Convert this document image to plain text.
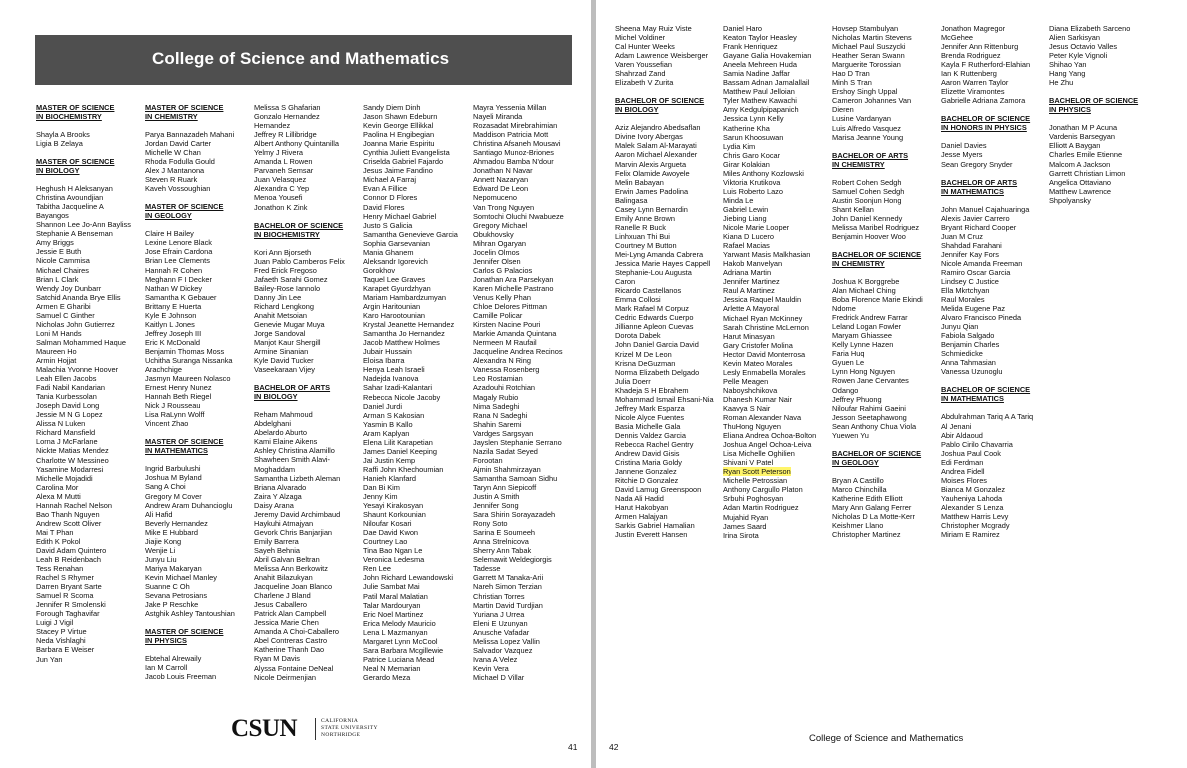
College of Science and Mathematics
MASTER OF SCIENCE
IN BIOCHEMISTRY
Shayla A Brooks
Ligia B Zelaya
MASTER OF SCIENCE
IN BIOLOGY
Heghush H Aleksanyan
Christina Avoundjian
Tabitha Jacqueline A
Bayangos
Shannon Lee Jo-Ann Bayliss
Stephanie A Benseman
Amy Briggs
Jessie E Buth
Nicole Cammisa
Michael Chaires
Brian L Clark
Wendy Joy Dunbarr
Satchid Ananda Brye Ellis
Armen E Gharibi
Samuel C Ginther
Nicholas John Gutierrez
Loni M Hands
Salman Mohammed Haque
Maureen Ho
Armin Hojjat
Malachia Yvonne Hoover
Leah Ellen Jacobs
Fadi Nabil Kandarian
Tania Kurbessolan
Joseph David Long
Jessie M N G Lopez
Alissa N Luken
Richard Mansfield
Lorna J McFarlane
Nickte Matias Mendez
Charlotte W Messineo
Yasamine Modarresi
Michelle Mojadidi
Carolina Mor
Alexa M Mutti
Hannah Rachel Nelson
Bao Thanh Nguyen
Andrew Scott Oliver
Mai T Phan
Edith K Pokol
David Adam Quintero
Leah B Reidenbach
Tess Renahan
Rachel S Rhymer
Darren Bryant Sarte
Samuel R Scoma
Jennifer R Smolenski
Forough Taghavifar
Luigi J Vigil
Stacey P Virtue
Neda Vishlaghi
Barbara E Weiser
Jun Yan
MASTER OF SCIENCE
IN CHEMISTRY
Parya Bannazadeh Mahani
Jordan David Carter
Michelle W Chan
Rhoda Fodulla Gould
Alex J Mantanona
Steven R Ruark
Kaveh Vossoughian
MASTER OF SCIENCE
IN GEOLOGY
Claire H Bailey
Lexine Lenore Black
Jose Efrain Cardona
Brian Lee Clements
Hannah R Cohen
Meghann F I Decker
Nathan W Dickey
Samantha K Gebauer
Brittany E Huerta
Kyle E Johnson
Kaitlyn L Jones
Jeffrey Joseph III
Eric K McDonald
Benjamin Thomas Moss
Uchitha Suranga Nissanka
Arachchige
Jasmyn Maureen Nolasco
Ernest Henry Nunez
Hannah Beth Riegel
Nick J Rousseau
Lisa RaLynn Wolff
Vincent Zhao
MASTER OF SCIENCE
IN MATHEMATICS
Ingrid Barbulushi
Joshua M Byland
Sang A Choi
Gregory M Cover
Andrew Aram Duhancioglu
Ali Hafid
Beverly Hernandez
Mike E Hubbard
Jiajie Kong
Wenjie Li
Junyu Liu
Mariya Makaryan
Kevin Michael Manley
Suanne C Oh
Sevana Petrosians
Jake P Reschke
Astghik Ashley Tantoushian
MASTER OF SCIENCE
IN PHYSICS
Ebtehal Alrewaily
Ian M Carroll
Jacob Louis Freeman
Melissa S Ghafarian
Gonzalo Hernandez
Hernandez
Jeffrey R Lillibridge
Albert Anthony Quintanilla
Yelmy J Rivera
Amanda L Rowen
Parvaneh Semsar
Juan Velasquez
Alexandra C Yep
Menoa Yousefi
Jonathon K Zink
BACHELOR OF SCIENCE
IN BIOCHEMISTRY
Kori Ann Bjorseth
Juan Pablo Camberos Felix
Fred Erick Fregoso
Jafaeth Sarahi Gomez
Bailey-Rose Iannolo
Danny Jin Lee
Richard Lengkong
Anahit Metsoian
Genevie Mugar Muya
Jorge Sandoval
Manjot Kaur Shergill
Armine Sinanian
Kyle David Tucker
Vaseekaraan Vijey
BACHELOR OF ARTS
IN BIOLOGY
Reham Mahmoud
Abdelghani
Abelardo Aburto
Kami Elaine Aikens
Ashley Christina Alamillo
Shawheen Smith Alavi-
Moghaddam
Samantha Lizbeth Aleman
Briana Alvarado
Zaira Y Alzaga
Daisy Arana
Jeremy David Archimbaud
Haykuhi Atmajyan
Gevork Chris Banjarjian
Emily Barrera
Sayeh Behnia
Abril Galvan Beltran
Melissa Ann Berkowitz
Anahit Bilazukyan
Jacqueline Joan Blanco
Charlene J Bland
Jesus Caballero
Patrick Alan Campbell
Jessica Marie Chen
Amanda A Choi-Caballero
Abel Contreras Castro
Katherine Thanh Dao
Ryan M Davis
Alyssa Fontaine DeNeal
Nicole Deirmenjian
Sandy Diem Dinh
Jason Shawn Edeburn
Kevin George Ellikkal
Paolina H Engibegian
Joanna Marie Espiritu
Cynthia Juliett Evangelista
Criselda Gabriel Fajardo
Jesus Jaime Fandino
Michael A Farraj
Evan A Fillice
Connor D Flores
David Flores
Henry Michael Gabriel
Justo S Galicia
Samantha Genevieve Garcia
Sophia Garsevanian
Mania Ghanem
Aleksandr Igorevich
Gorokhov
Taquel Lee Graves
Karapet Gyurdzhyan
Mariam Hambardzumyan
Argin Haritounian
Karo Harootounian
Krystal Jeanette Hernandez
Samantha Jo Hernandez
Jacob Matthew Holmes
Jubair Hussain
Eloisa Ibarra
Henya Leah Israeli
Nadejda Ivanova
Sahar Izadi-Kalantari
Rebecca Nicole Jacoby
Daniel Jurdi
Arman S Kakosian
Yasmin B Kallo
Aram Kaplyan
Elena Lilit Karapetian
James Daniel Keeping
Jai Justin Kemp
Raffi John Khechoumian
Hanieh Klanfard
Dan Bi Kim
Jenny Kim
Yesayi Kirakosyan
Shaunt Korkounian
Niloufar Kosari
Dae David Kwon
Courtney Lao
Tina Bao Ngan Le
Veronica Ledesma
Ren Lee
John Richard Lewandowski
Julie Sambat Mai
Patil Maral Malatian
Talar Mardouryan
Eric Noel Martinez
Erica Melody Mauricio
Lena L Mazmanyan
Margaret Lynn McCool
Sara Barbara Mcgillewie
Patrice Luciana Mead
Neal N Memarian
Gerardo Meza
Mayra Yessenia Millan
Nayeli Miranda
Rozasadat Mirebrahimian
Maddison Patricia Mott
Christina Afsaneh Mousavi
Santiago Munoz-Briones
Ahmadou Bamba N'dour
Jonathan N Navar
Annett Nazaryan
Edward De Leon
Nepomuceno
Van Trong Nguyen
Somtochi Oluchi Nwabueze
Gregory Michael
Obukhovsky
Mihran Ogaryan
Jocelin Olmos
Jennifer Olsen
Carlos G Palacios
Jonathan Ara Parsekyan
Karen Michelle Pastrano
Venus Kelly Phan
Chloe Delores Pittman
Camille Policar
Kirsten Nacine Pouri
Markie Amanda Quintana
Nermeen M Raufail
Jacqueline Andrea Recinos
Alexandra N Ring
Vanessa Rosenberg
Leo Rostamian
Azadouhi Rotchian
Magaly Rubio
Nima Sadeghi
Rana N Sadeghi
Shahin Saremi
Vardges Sargsyan
Jayslen Stephanie Serrano
Nazila Sadat Seyed
Forootan
Ajmin Shahmirzayan
Samantha Samoan Sidhu
Taryn Ann Siepicoff
Justin A Smith
Jennifer Song
Sara Shirin Sorayazadeh
Rony Soto
Sarina E Soumeeh
Anna Strelnicova
Sherry Ann Tabak
Selemawit Weldegiorgis
Tadesse
Garrett M Tanaka-Arii
Nareh Simon Terzian
Christian Torres
Martin David Turdjian
Yuriana J Urrea
Eleni E Uzunyan
Anusche Vafadar
Melissa Lopez Vallin
Salvador Vazquez
Ivana A Velez
Kevin Vera
Michael D Villar
CSUN	CALIFORNIA
STATE UNIVERSITY
NORTHRIDGE
41
Sheena May Ruiz Viste
Michel Voldiner
Cal Hunter Weeks
Adam Lawrence Weisberger
Varen Youssefian
Shahrzad Zand
Elizabeth V Zurita
BACHELOR OF SCIENCE
IN BIOLOGY
Aziz Alejandro Abedsaflan
Divine Ivory Abergas
Malek Salam Al-Marayati
Aaron Michael Alexander
Marvin Alexis Argueta
Felix Olamide Awoyele
Melin Babayan
Erwin James Padolina
Balingasa
Casey Lynn Bernardin
Emily Anne Brown
Ranelle R Buck
Linhxuan Thi Bui
Courtney M Button
Mei-Lyng Amanda Cabrera
Jessica Marie Hayes Cappell
Stephanie-Lou Augusta
Caron
Ricardo Castellanos
Emma Collosi
Mark Rafael M Corpuz
Cedric Edwards Cuerpo
Jillianne Apleon Cuevas
Dorota Dabek
John Daniel Garcia David
Krizel M De Leon
Krisna DeGuzman
Norma Elizabeth Delgado
Julia Doerr
Khadeja S H Ebrahem
Mohammad Ismail Ehsani-Nia
Jeffrey Mark Esparza
Nicole Alyce Fuentes
Basia Michelle Gala
Dennis Valdez Garcia
Rebecca Rachel Gentry
Andrew David Gisis
Cristina Maria Goldy
Jannene Gonzalez
Ritchie D Gonzalez
David Lamug Greenspoon
Nada Ali Hadid
Harut Hakobyan
Armen Halajyan
Sarkis Gabriel Hamalian
Justin Everett Hansen
Daniel Haro
Keaton Taylor Heasley
Frank Henriquez
Gayane Galia Hovakemian
Aneela Mehreen Huda
Samia Nadine Jaffar
Bassam Adnan Jamalallail
Matthew Paul Jelloian
Tyler Mathew Kawachi
Amy Kedgulpipapanich
Jessica Lynn Kelly
Katherine Kha
Sarun Khoosuwan
Lydia Kim
Chris Garo Kocar
Girar Kolakian
Miles Anthony Kozlowski
Viktoria Krutikova
Luis Roberto Lazo
Minda Le
Gabriel Lewin
Jiebing Liang
Nicole Marie Looper
Kiana D Lucero
Rafael Macias
Yarwant Masis Malkhasian
Hakob Manvelyan
Adriana Martin
Jennifer Martinez
Raul A Martinez
Jessica Raquel Mauldin
Arlette A Mayoral
Michael Ryan McKinney
Sarah Christine McLernon
Harut Minasyan
Gary Cristofer Molina
Hector David Monterrosa
Kevin Mateo Morales
Lesly Enmabella Morales
Pelle Meagen
Naboyshchikova
Dhanesh Kumar Nair
Kaavya S Nair
Roman Alexander Nava
ThuHong Nguyen
Eliana Andrea Ochoa-Bolton
Joshua Angel Ochoa-Leiva
Lisa Michelle Oghilien
Shivani V Patel
Ryan Scott Peterson
Michelle Petrossian
Anthony Cargullo Platon
Srbuhi Poghosyan
Adan Martin Rodriguez
Mujahid Ryan
James Saard
Irina Sirota
Hovsep Stambulyan
Nicholas Martin Stevens
Michael Paul Suszycki
Heather Seran Swann
Marguerite Torossian
Hao D Tran
Minh S Tran
Ershoy Singh Uppal
Cameron Johannes Van
Dieren
Lusine Vardanyan
Luis Alfredo Vasquez
Marisa Jeanne Young
BACHELOR OF ARTS
IN CHEMISTRY
Robert Cohen Sedgh
Samuel Cohen Sedgh
Austin Soonjun Hong
Shant Kellan
John Daniel Kennedy
Melissa Maribel Rodriguez
Benjamin Hoover Woo
BACHELOR OF SCIENCE
IN CHEMISTRY
Joshua K Borggrebe
Alan Michael Ching
Boba Florence Marie Ekindi
Ndome
Fredrick Andrew Farrar
Leland Logan Fowler
Maryam Ghiassee
Kelly Lynne Hazen
Faria Huq
Gyuen Le
Lynn Hong Nguyen
Rowen Jane Cervantes
Odango
Jeffrey Phuong
Niloufar Rahimi Gaeini
Jesson Seetaphawong
Sean Anthony Chua Viola
Yuewen Yu
BACHELOR OF SCIENCE
IN GEOLOGY
Bryan A Castillo
Marco Chinchilla
Katherine Edith Elliott
Mary Ann Galang Ferrer
Nicholas D La Motte-Kerr
Keishmer Llano
Christopher Martinez
Jonathon Magregor
McGehee
Jennifer Ann Rittenburg
Brenda Rodriguez
Kayla F Rutherford-Elahian
Ian K Ruttenberg
Aaron Warren Taylor
Elizette Viramontes
Gabrielle Adriana Zamora
BACHELOR OF SCIENCE
IN HONORS IN PHYSICS
Daniel Davies
Jesse Myers
Sean Gregory Snyder
BACHELOR OF ARTS
IN MATHEMATICS
John Manuel Cajahuaringa
Alexis Javier Carrero
Bryant Richard Cooper
Juan M Cruz
Shahdad Farahani
Jennifer Kay Fors
Nicole Amanda Freeman
Ramiro Oscar Garcia
Lindsey C Justice
Ella Mkrtchyan
Raul Morales
Melida Eugene Paz
Alvaro Francisco Pineda
Junyu Qian
Fabiola Salgado
Benjamin Charles
Schmiedicke
Anna Tahmasian
Vanessa Uzunoglu
BACHELOR OF SCIENCE
IN MATHEMATICS
Abdulrahman Tariq A A Tariq
Al Jenani
Abir Aldaoud
Pablo Cirilo Chavarria
Joshua Paul Cook
Edi Ferdman
Andrea Fidell
Moises Flores
Bianca M Gonzalez
Yauheniya Lahoda
Alexander S Lenza
Matthew Harris Levy
Christopher Mcgrady
Miriam E Ramirez
Diana Elizabeth Sarceno
Alien Sarkisyan
Jesus Octavio Valles
Peter Kyle Vignoli
Shihao Yan
Hang Yang
He Zhu
BACHELOR OF SCIENCE
IN PHYSICS
Jonathan M P Acuna
Vardenis Barsegyan
Elliott A Baygan
Charles Emile Etienne
Malcom A Jackson
Garrett Christian Limon
Angelica Ottaviano
Matthew Lawrence
Shpolyansky
42
College of Science and Mathematics
